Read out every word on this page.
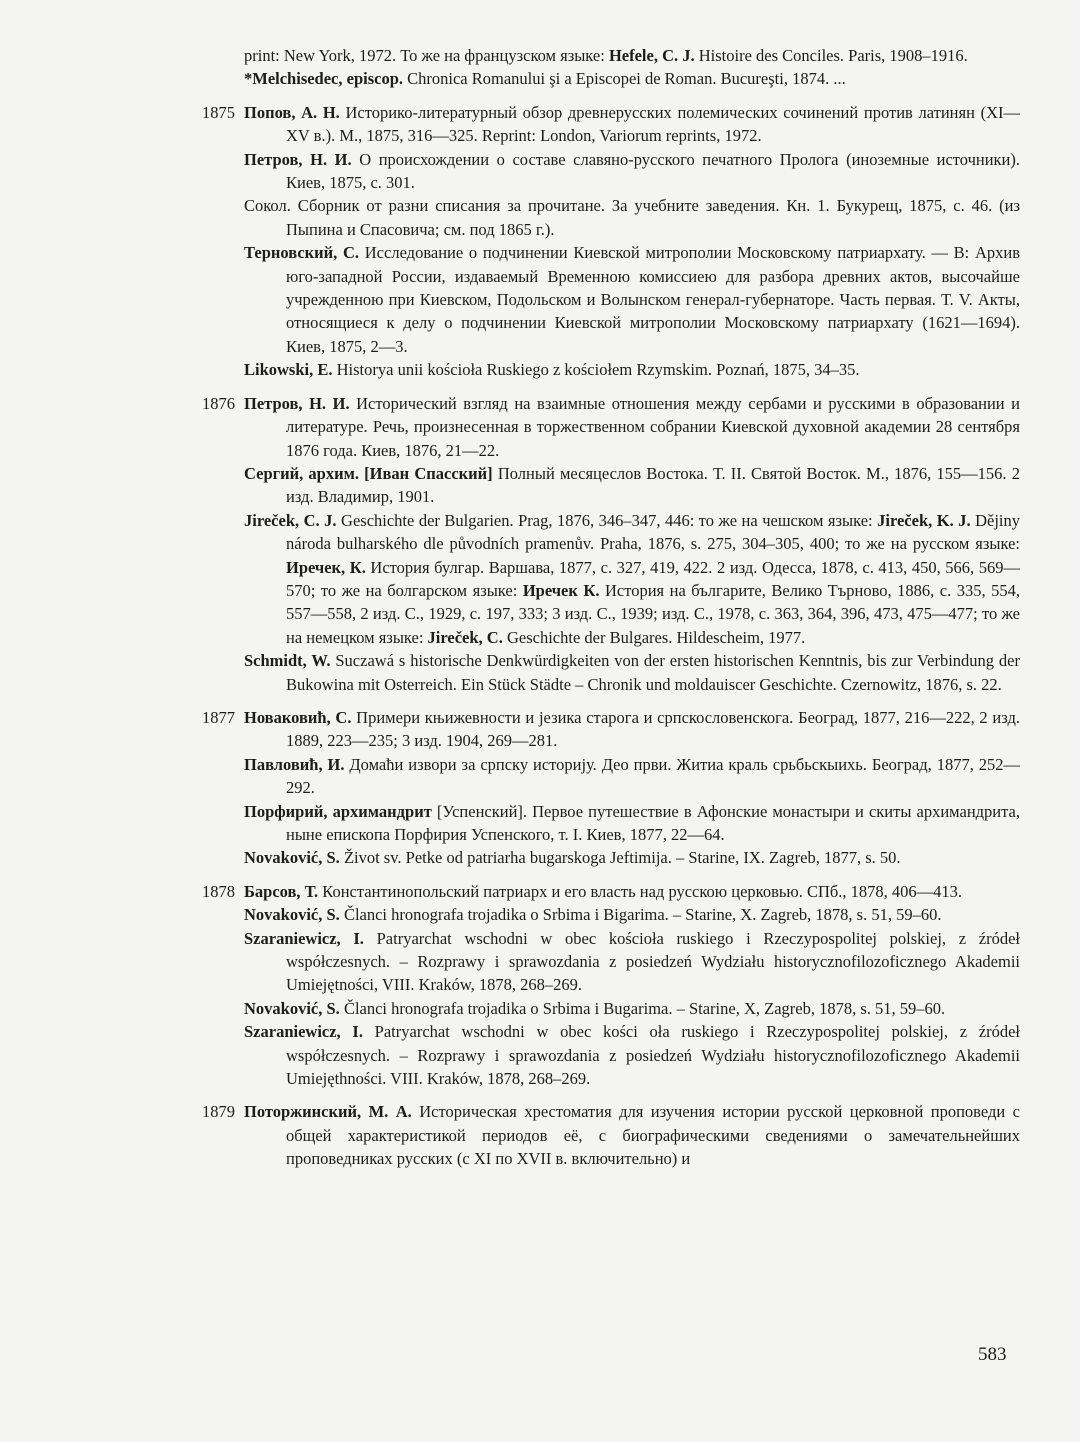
print: New York, 1972. То же на французском языке: Hefele, C. J. Histoire des Conciles. Paris, 1908–1916.

*Melchisedec, episcop. Chronica Romanului şi a Episcopei de Roman. Bucureşti, 1874. ...

1875 Попов, А. Н. Историко-литературный обзор древнерусских полемических сочинений против латинян (XI—XV в.). М., 1875, 316—325. Reprint: London, Variorum reprints, 1972.

Петров, Н. И. О происхождении о составе славяно-русского печатного Пролога (иноземные источники). Киев, 1875, с. 301.

Сокол. Сборник от разни списания за прочитане. За учебните заведения. Кн. 1. Букурещ, 1875, с. 46. (из Пыпина и Спасовича; см. под 1865 г.).

Терновский, С. Исследование о подчинении Киевской митрополии Московскому патриархату. — В: Архив юго-западной России, издаваемый Временною комиссиею для разбора древних актов, высочайше учрежденною при Киевском, Подольском и Волынском генерал-губернаторе. Часть первая. Т. V. Акты, относящиеся к делу о подчинении Киевской митрополии Московскому патриархату (1621—1694). Киев, 1875, 2—3.

Likowski, E. Historya unii kościoła Ruskiego z kościołem Rzymskim. Poznań, 1875, 34–35.

1876 Петров, Н. И. Исторический взгляд на взаимные отношения между сербами и русскими в образовании и литературе. Речь, произнесенная в торжественном собрании Киевской духовной академии 28 сентября 1876 года. Киев, 1876, 21—22.

Сергий, архим. [Иван Спасский] Полный месяцеслов Востока. Т. II. Святой Восток. М., 1876, 155—156. 2 изд. Владимир, 1901.

Jireček, C. J. Geschichte der Bulgarien. Prag, 1876, 346–347, 446: то же на чешском языке: Jireček, K. J. Dějiny národa bulharského dle původních pramenův. Praha, 1876, s. 275, 304–305, 400; то же на русском языке: Иречек, К. История булгар. Варшава, 1877, с. 327, 419, 422. 2 изд. Одесса, 1878, с. 413, 450, 566, 569—570; то же на болгарском языке: Иречек К. История на българите, Велико Търново, 1886, с. 335, 554, 557—558, 2 изд. С., 1929, с. 197, 333; 3 изд. С., 1939; изд. С., 1978, с. 363, 364, 396, 473, 475—477; то же на немецком языке: Jireček, C. Geschichte der Bulgares. Hildescheim, 1977.

Schmidt, W. Suczawá s historische Denkwürdigkeiten von der ersten historischen Kenntnis, bis zur Verbindung der Bukowina mit Osterreich. Ein Stück Städte – Chronik und moldauiscer Geschichte. Czernowitz, 1876, s. 22.

1877 Новаковић, С. Примери књижевности и језика старога и српскословенскога. Београд, 1877, 216—222, 2 изд. 1889, 223—235; 3 изд. 1904, 269—281.

Павловић, И. Домаћи извори за српску историју. Део први. Житиа краль срьбьскыихь. Београд, 1877, 252—292.

Порфирий, архимандрит [Успенский]. Первое путешествие в Афонские монастыри и скиты архимандрита, ныне епископа Порфирия Успенского, т. I. Киев, 1877, 22—64.

Novaković, S. Život sv. Petke od patriarha bugarskoga Jeftimija. – Starine, IX. Zagreb, 1877, s. 50.

1878 Барсов, Т. Константинопольский патриарх и его власть над русскою церковью. СПб., 1878, 406—413.

Novaković, S. Članci hronografa trojadika o Srbima i Bigarima. – Starine, X. Zagreb, 1878, s. 51, 59–60.

Szaraniewicz, I. Patryarchat wschodni w obec kościoła ruskiego i Rzeczypospolitej polskiej, z źródeł współczesnych. – Rozprawy i sprawozdania z posiedzeń Wydziału historycznofilozoficznego Akademii Umiejętności, VIII. Kraków, 1878, 268–269.

Novaković, S. Članci hronografa trojadika o Srbima i Bugarima. – Starine, X, Zagreb, 1878, s. 51, 59–60.

Szaraniewicz, I. Patryarchat wschodni w obec kości oła ruskiego i Rzeczypospolitej polskiej, z źródeł współczesnych. – Rozprawy i sprawozdania z posiedzeń Wydziału historycznofilozoficznego Akademii Umiejęthności. VIII. Kraków, 1878, 268–269.

1879 Поторжинский, М. А. Историческая хрестоматия для изучения истории русской церковной проповеди с общей характеристикой периодов её, с биографическими сведениями о замечательнейших проповедниках русских (с XI по XVII в. включительно) и

583
